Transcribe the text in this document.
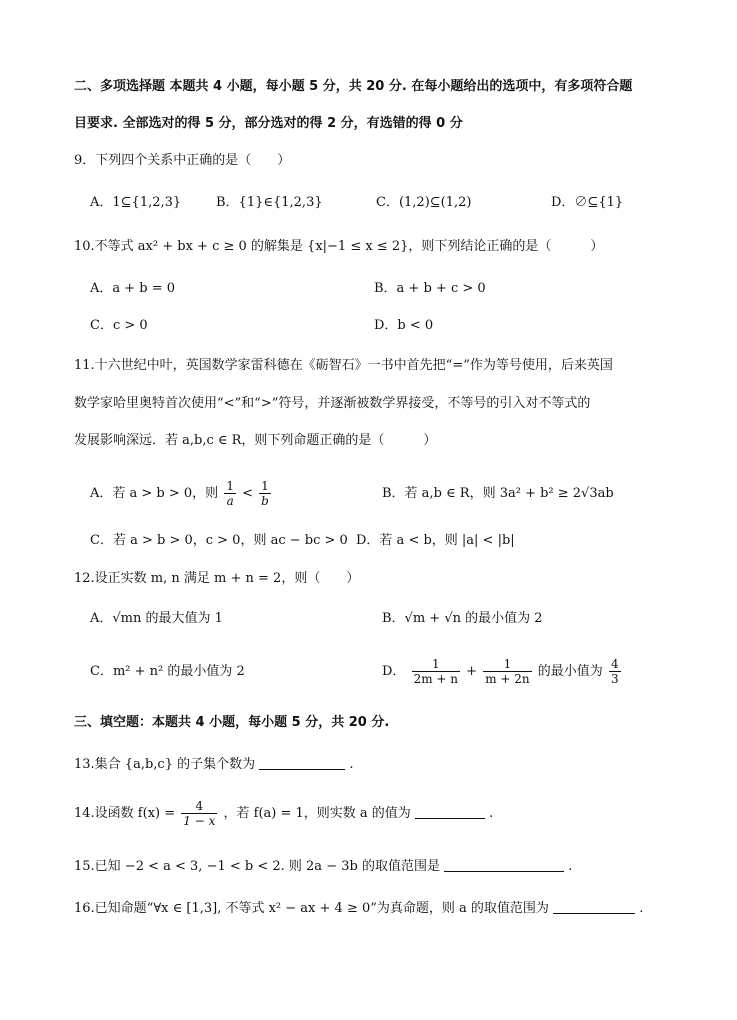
二、多项选择题 本题共 4 小题，每小题 5 分，共 20 分. 在每小题给出的选项中，有多项符合题
目要求. 全部选对的得 5 分，部分选对的得 2 分，有选错的得 0 分
9．下列四个关系中正确的是（　　）
A．1⊆{1,2,3}	B．{1}∈{1,2,3}	C．(1,2)⊆(1,2)	D．∅⊆{1}
10.不等式 ax² + bx + c ≥ 0 的解集是 {x|−1 ≤ x ≤ 2}，则下列结论正确的是（　　　）
A．a + b = 0	B．a + b + c > 0
C．c > 0	D．b < 0
11.十六世纪中叶，英国数学家雷科德在《砺智石》一书中首先把“=”作为等号使用，后来英国
数学家哈里奥特首次使用“<”和“>”符号，并逐渐被数学界接受，不等号的引入对不等式的
发展影响深远．若 a,b,c ∈ R，则下列命题正确的是（　　　）
A．若 a > b > 0，则 $\frac{1}{a} < \frac{1}{b}$	B．若 a,b ∈ R，则 3a² + b² ≥ 2√3ab
C．若 a > b > 0，c > 0，则 ac − bc > 0 D．若 a < b，则 |a| < |b|
12.设正实数 m, n 满足 m + n = 2，则（　　）
A．√mn 的最大值为 1	B．√m + √n 的最小值为 2
C．m² + n² 的最小值为 2	D． $\frac{1}{2m + n} + \frac{1}{m + 2n}$ 的最小值为 $\frac{4}{3}$
三、填空题：本题共 4 小题，每小题 5 分，共 20 分.
13.集合 {a,b,c} 的子集个数为	.
14.设函数 $f(x) = \frac{4}{1 - x}$ ，若 f(a) = 1，则实数 a 的值为	.
15.已知 −2 < a < 3, −1 < b < 2. 则 2a − 3b 的取值范围是	.
16.已知命题“∀x ∈ [1,3], 不等式 x² − ax + 4 ≥ 0”为真命题，则 a 的取值范围为	.
